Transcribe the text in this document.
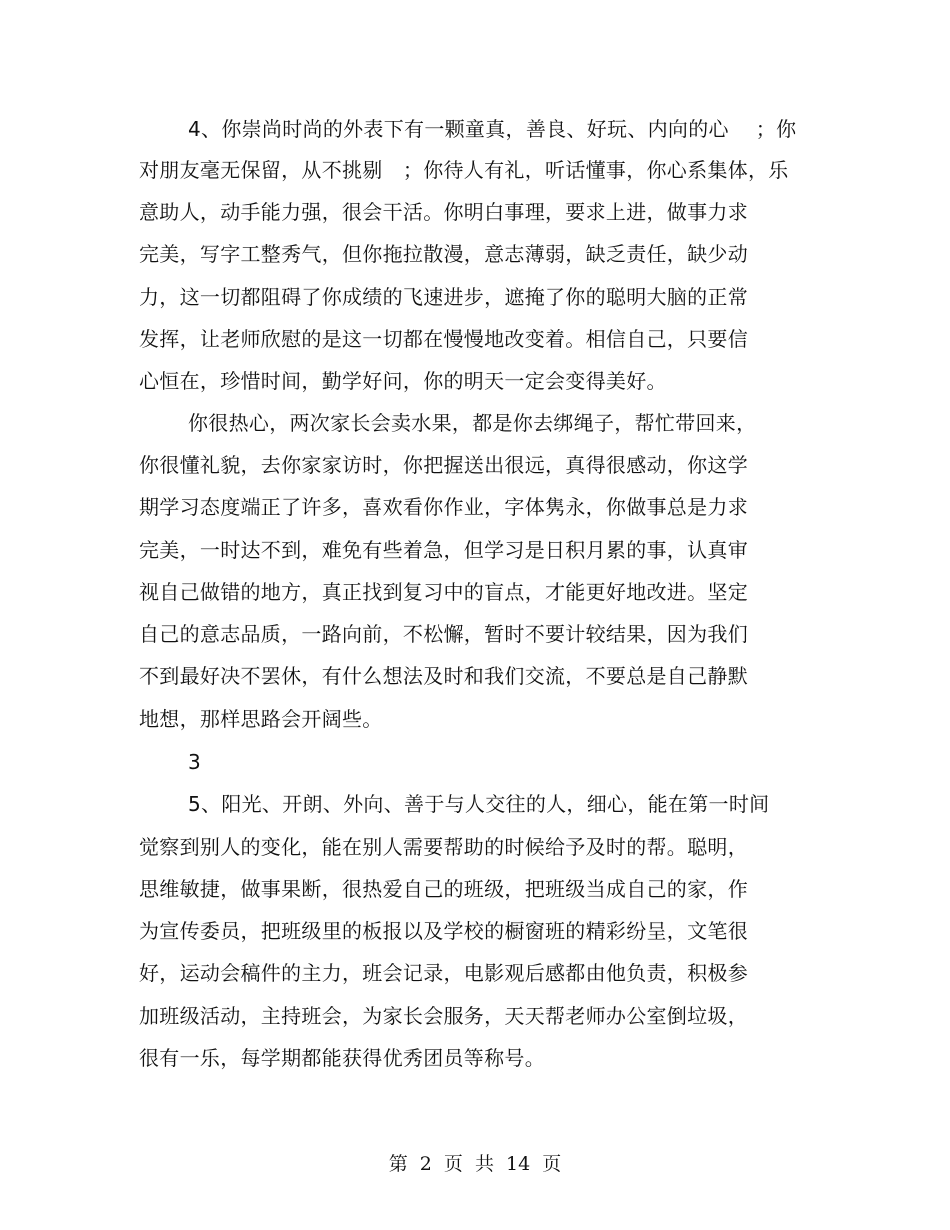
4、你崇尚时尚的外表下有一颗童真，善良、好玩、内向的心　 ；你
对朋友毫无保留，从不挑剔　；你待人有礼，听话懂事，你心系集体，乐
意助人，动手能力强，很会干活。你明白事理，要求上进，做事力求
完美，写字工整秀气，但你拖拉散漫，意志薄弱，缺乏责任，缺少动
力，这一切都阻碍了你成绩的飞速进步，遮掩了你的聪明大脑的正常
发挥，让老师欣慰的是这一切都在慢慢地改变着。相信自己，只要信
心恒在，珍惜时间，勤学好问，你的明天一定会变得美好。
你很热心，两次家长会卖水果，都是你去绑绳子，帮忙带回来，
你很懂礼貌，去你家家访时，你把握送出很远，真得很感动，你这学
期学习态度端正了许多，喜欢看你作业，字体隽永，你做事总是力求
完美，一时达不到，难免有些着急，但学习是日积月累的事，认真审
视自己做错的地方，真正找到复习中的盲点，才能更好地改进。坚定
自己的意志品质，一路向前，不松懈，暂时不要计较结果，因为我们
不到最好决不罢休，有什么想法及时和我们交流，不要总是自己静默
地想，那样思路会开阔些。
3
5、阳光、开朗、外向、善于与人交往的人，细心，能在第一时间
觉察到别人的变化，能在别人需要帮助的时候给予及时的帮。聪明，
思维敏捷，做事果断，很热爱自己的班级，把班级当成自己的家，作
为宣传委员，把班级里的板报以及学校的橱窗班的精彩纷呈，文笔很
好，运动会稿件的主力，班会记录，电影观后感都由他负责，积极参
加班级活动，主持班会，为家长会服务，天天帮老师办公室倒垃圾，
很有一乐，每学期都能获得优秀团员等称号。
第 2 页 共 14 页
